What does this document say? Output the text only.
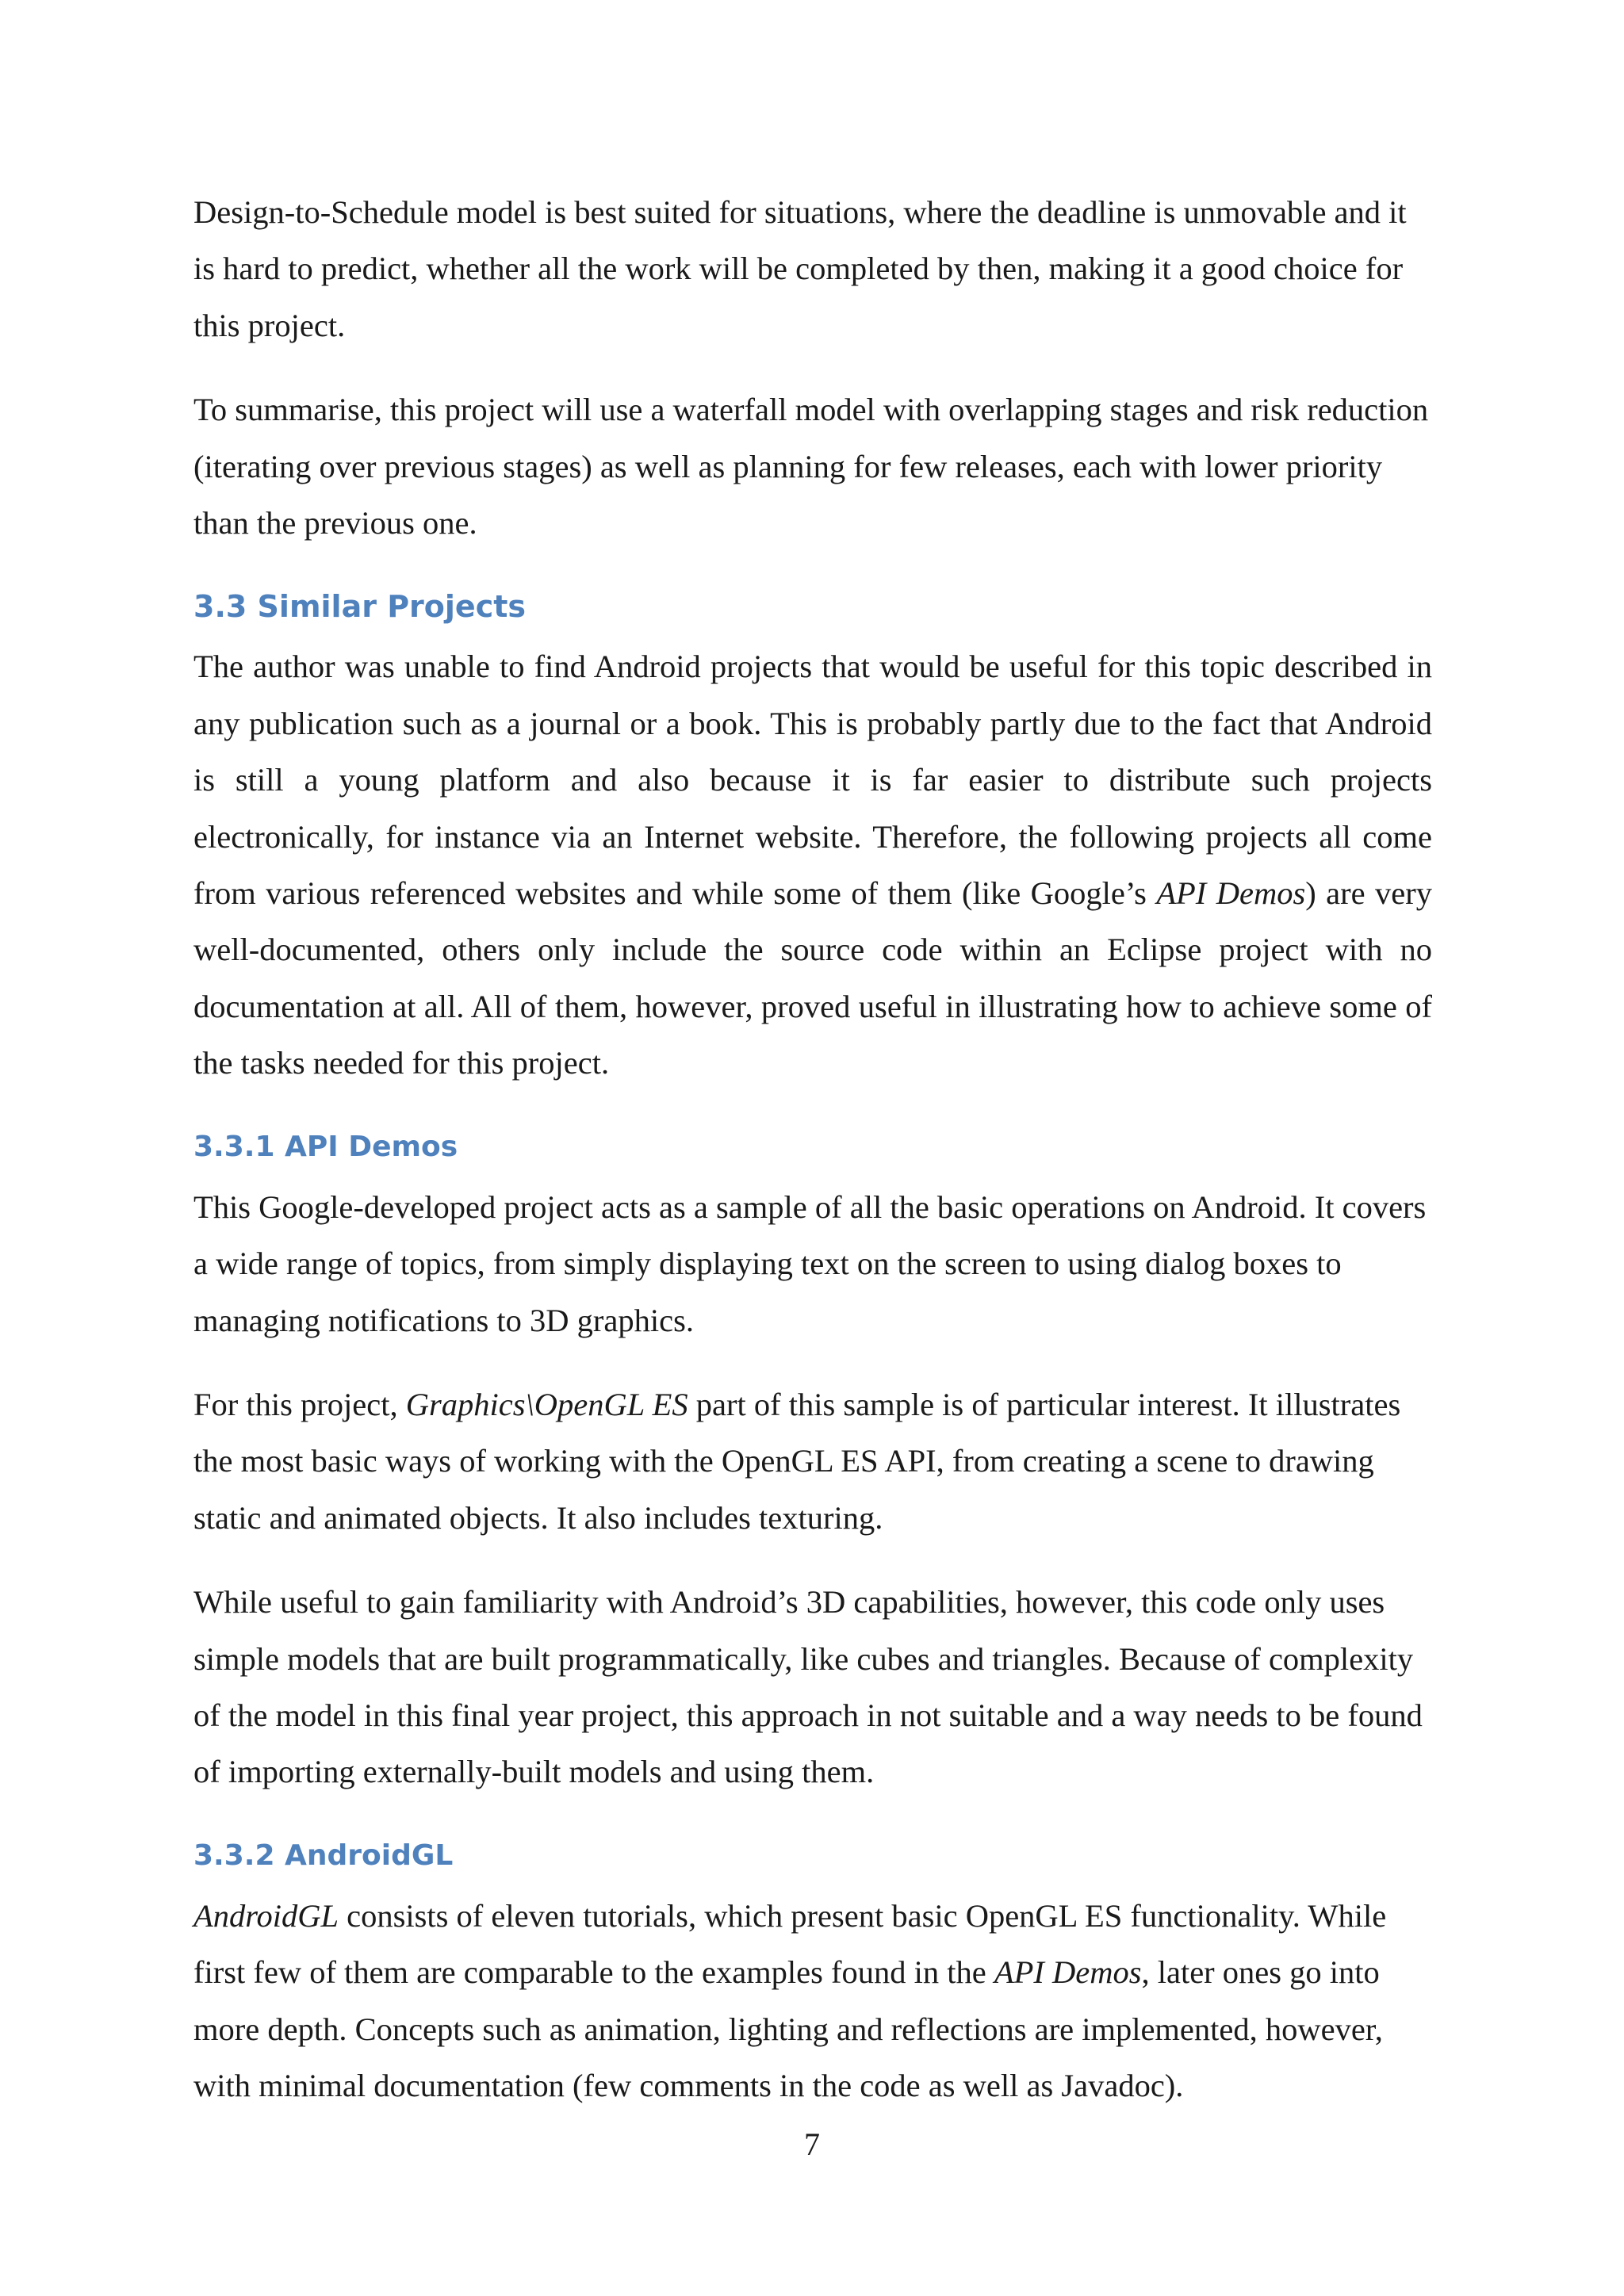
Design-to-Schedule model is best suited for situations, where the deadline is unmovable and it is hard to predict, whether all the work will be completed by then, making it a good choice for this project.

To summarise, this project will use a waterfall model with overlapping stages and risk reduction (iterating over previous stages) as well as planning for few releases, each with lower priority than the previous one.

3.3 Similar Projects

The author was unable to find Android projects that would be useful for this topic described in any publication such as a journal or a book. This is probably partly due to the fact that Android is still a young platform and also because it is far easier to distribute such projects electronically, for instance via an Internet website. Therefore, the following projects all come from various referenced websites and while some of them (like Google’s API Demos) are very well-documented, others only include the source code within an Eclipse project with no documentation at all. All of them, however, proved useful in illustrating how to achieve some of the tasks needed for this project.

3.3.1 API Demos

This Google-developed project acts as a sample of all the basic operations on Android. It covers a wide range of topics, from simply displaying text on the screen to using dialog boxes to managing notifications to 3D graphics.

For this project, Graphics\OpenGL ES part of this sample is of particular interest. It illustrates the most basic ways of working with the OpenGL ES API, from creating a scene to drawing static and animated objects. It also includes texturing.

While useful to gain familiarity with Android’s 3D capabilities, however, this code only uses simple models that are built programmatically, like cubes and triangles. Because of complexity of the model in this final year project, this approach in not suitable and a way needs to be found of importing externally-built models and using them.

3.3.2 AndroidGL

AndroidGL consists of eleven tutorials, which present basic OpenGL ES functionality. While first few of them are comparable to the examples found in the API Demos, later ones go into more depth. Concepts such as animation, lighting and reflections are implemented, however, with minimal documentation (few comments in the code as well as Javadoc).

7
